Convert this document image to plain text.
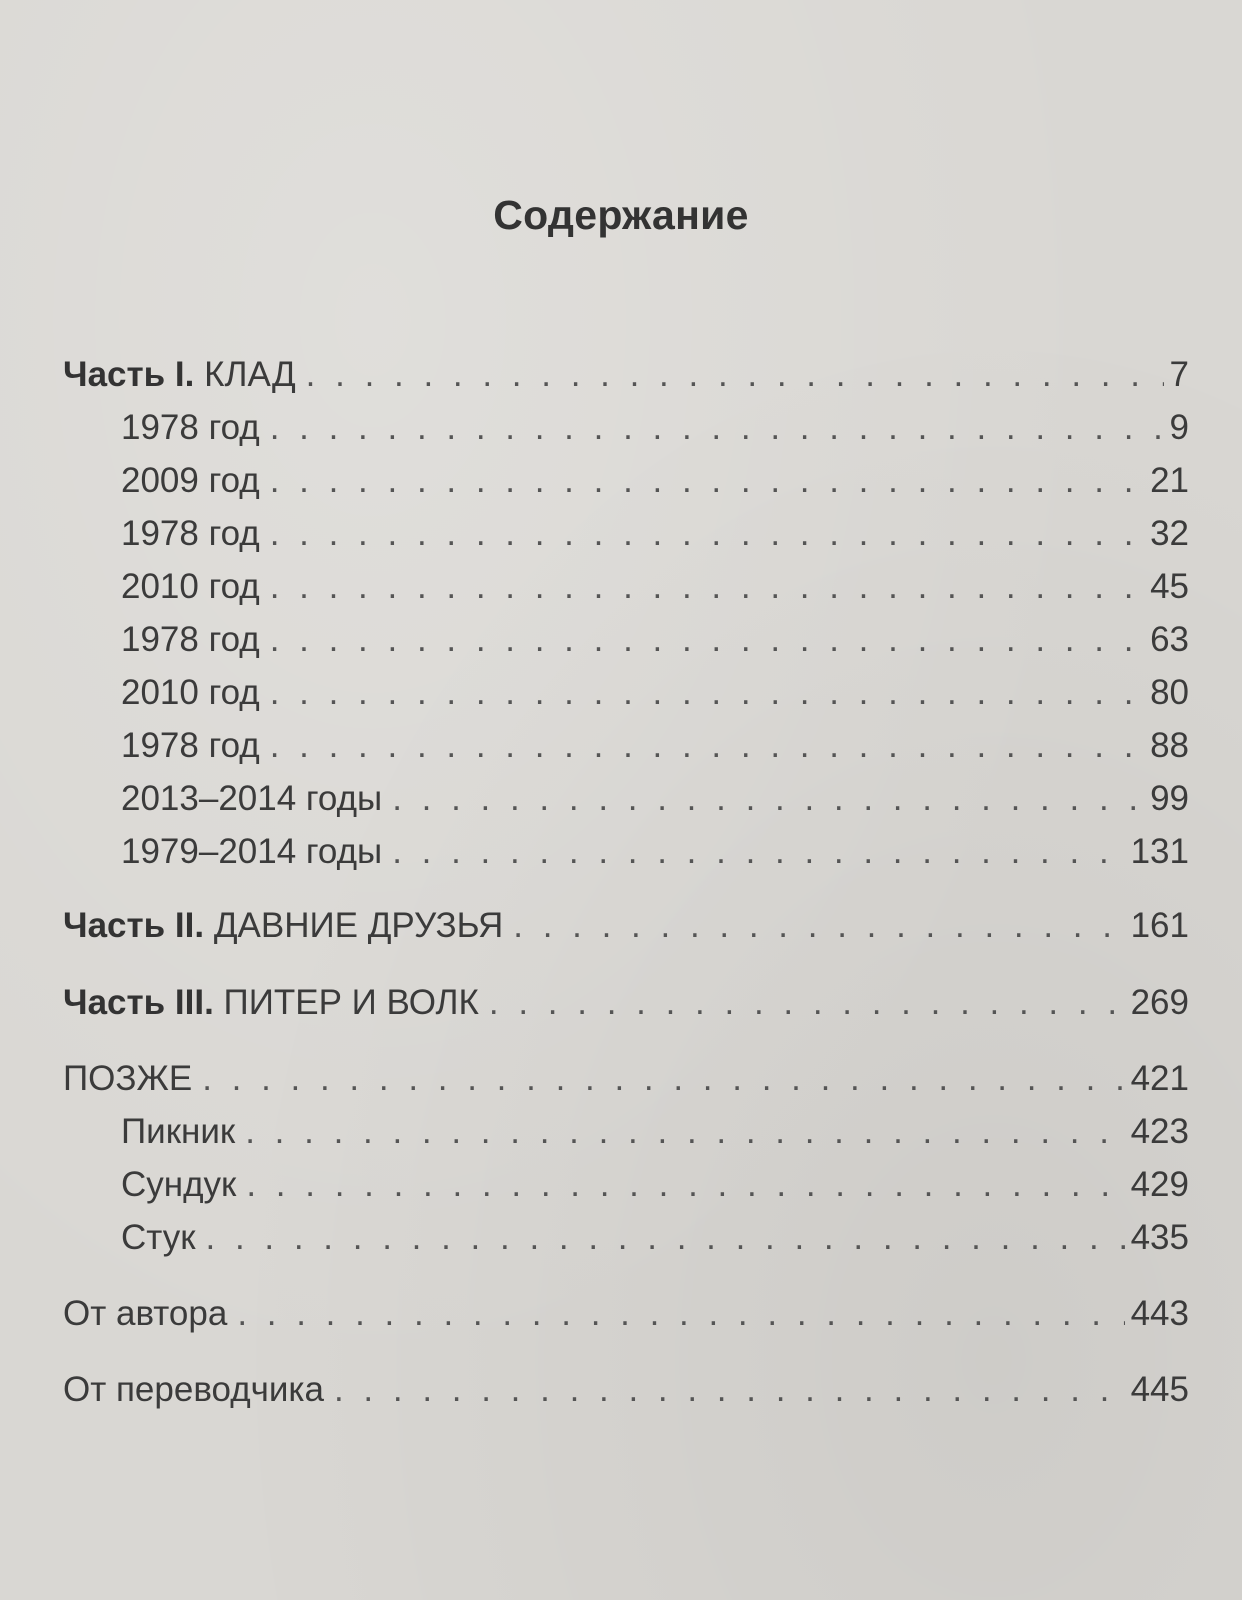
Содержание
Часть I. КЛАД . . .	7
1978 год . . .	9
2009 год . . .	21
1978 год . . .	32
2010 год . . .	45
1978 год . . .	63
2010 год . . .	80
1978 год . . .	88
2013–2014 годы . . .	99
1979–2014 годы . . .	131
Часть II. ДАВНИЕ ДРУЗЬЯ . . .	161
Часть III. ПИТЕР И ВОЛК . . .	269
ПОЗЖЕ . . .	421
Пикник . . .	423
Сундук . . .	429
Стук . . .	435
От автора . . .	443
От переводчика . . .	445
